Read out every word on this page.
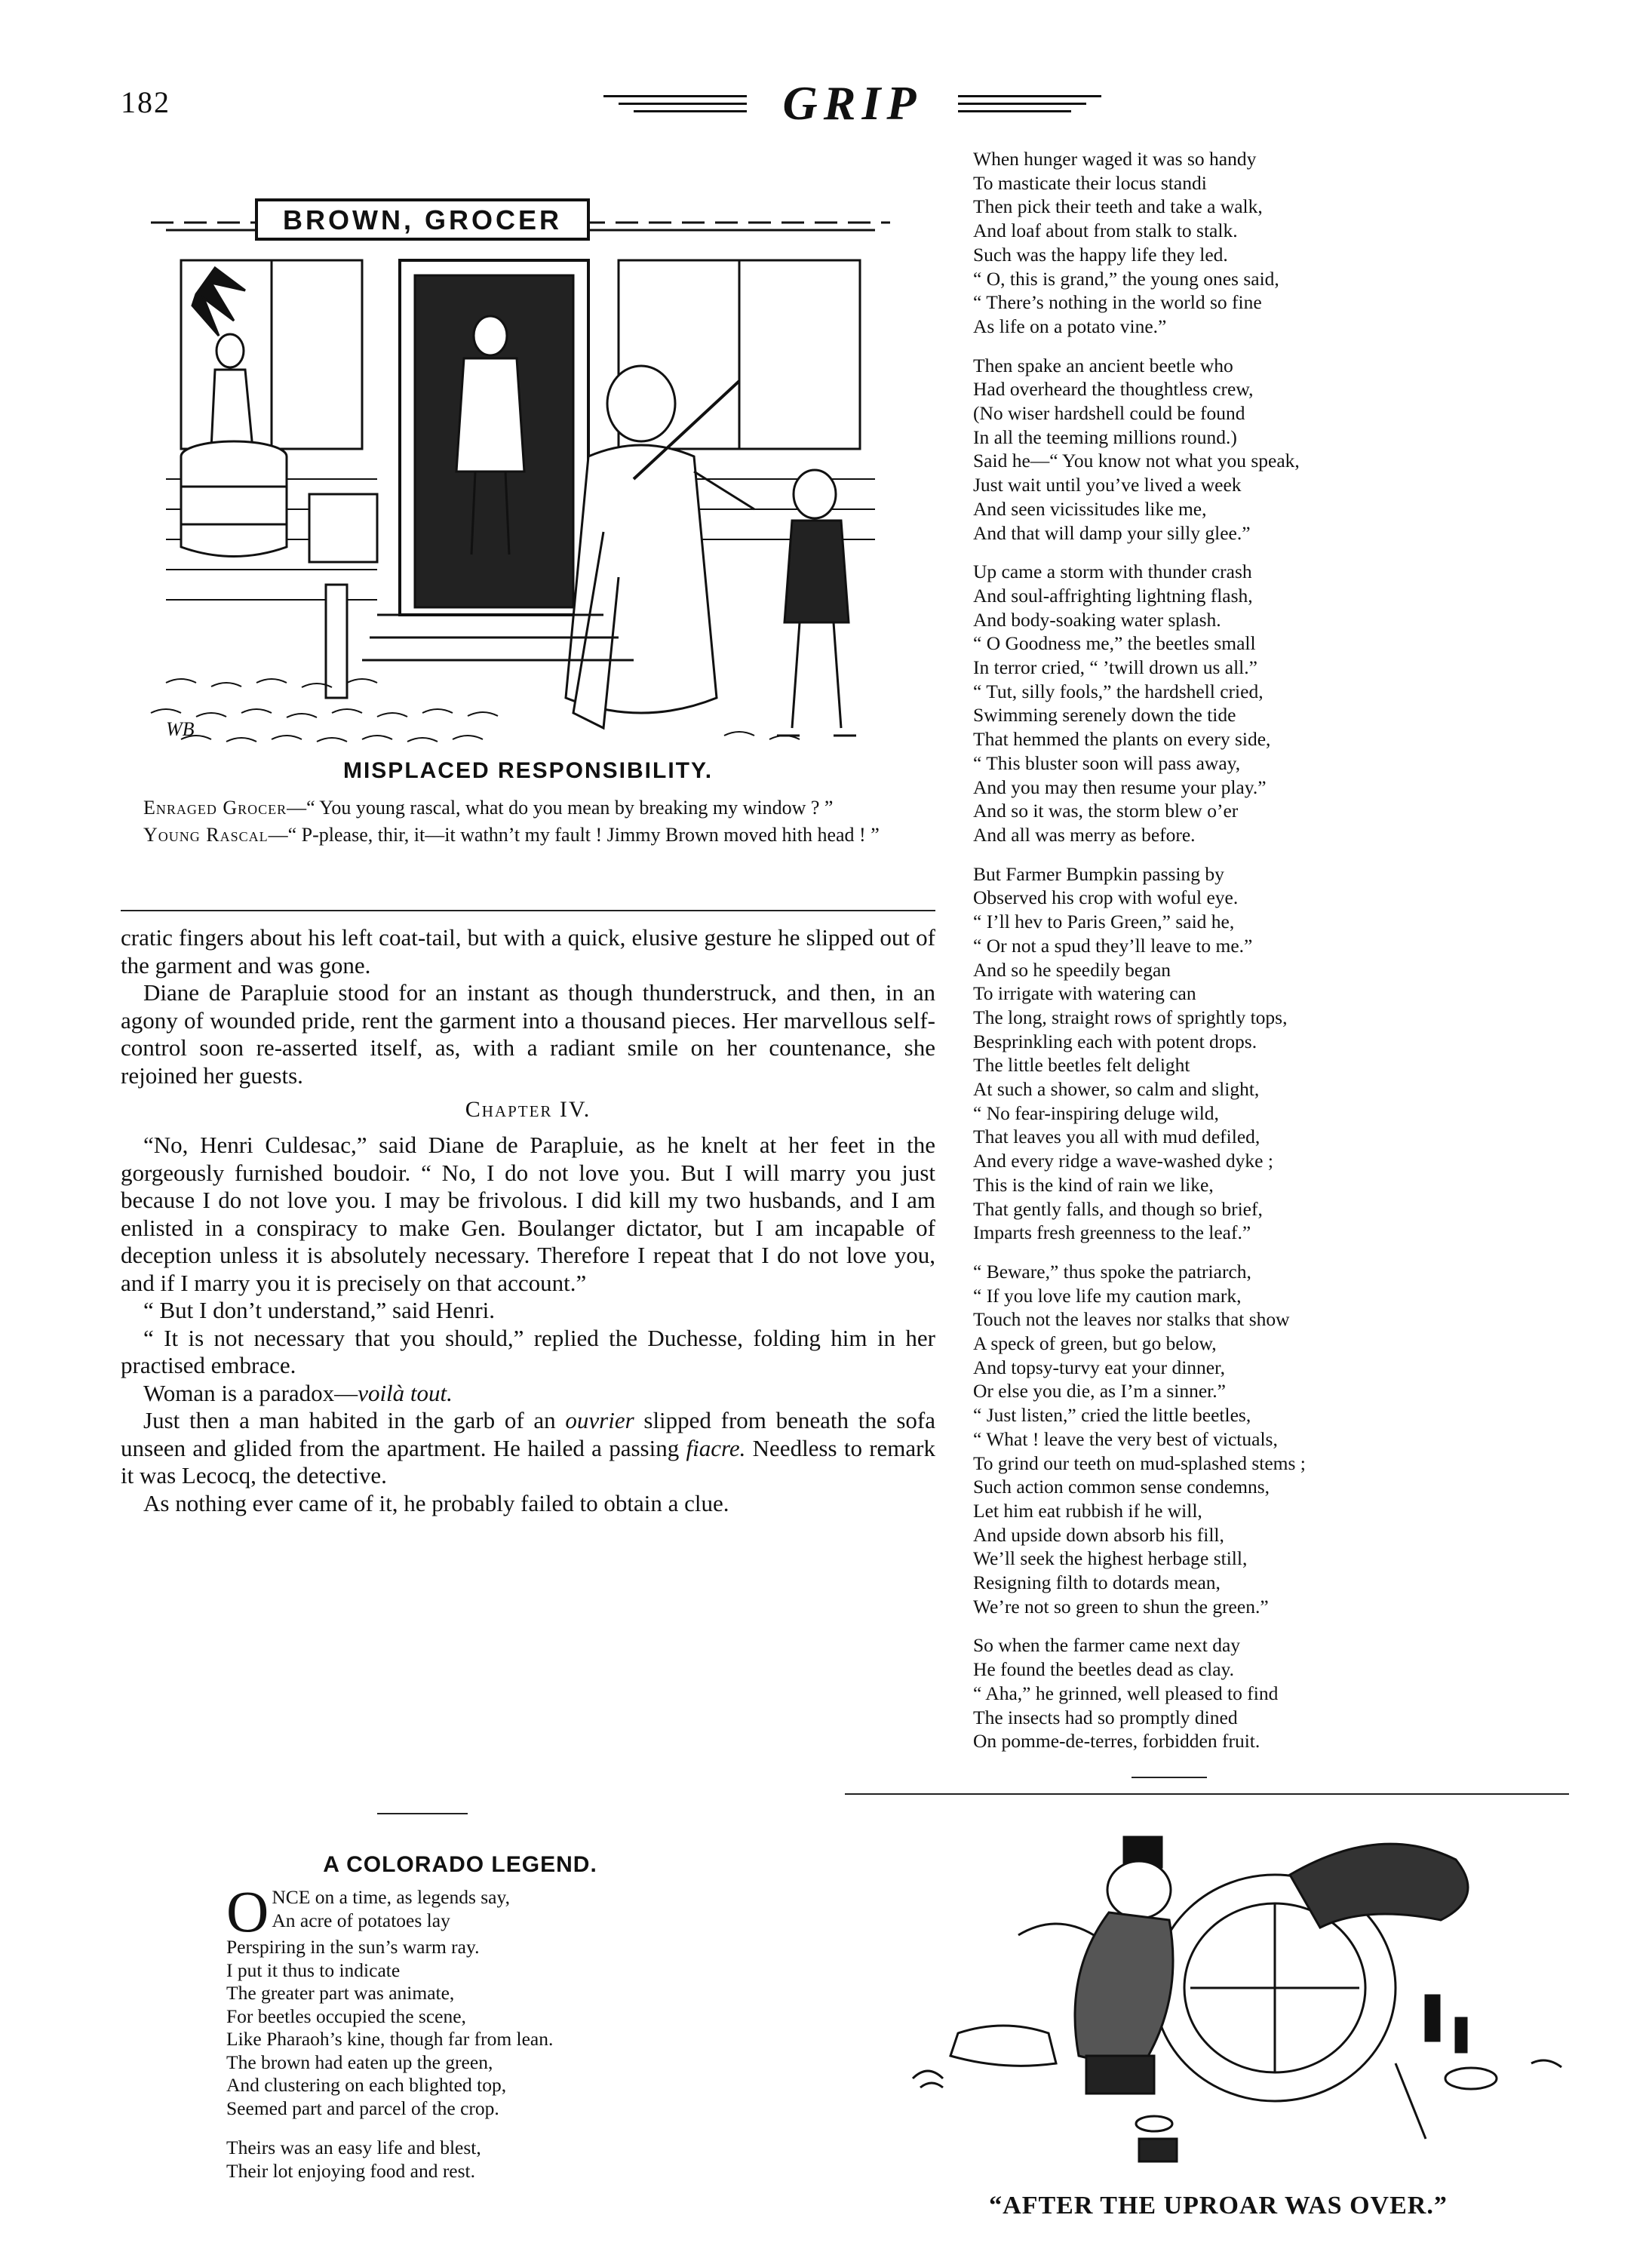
182	GRIP
BROWN, GROCER
WB
MISPLACED RESPONSIBILITY.
Enraged Grocer—“ You young rascal, what do you mean by breaking my window ? ”
Young Rascal—“ P-please, thir, it—it wathn’t my fault ! Jimmy Brown moved hith head ! ”

cratic fingers about his left coat-tail, but with a quick, elusive gesture he slipped out of the garment and was gone.

Diane de Parapluie stood for an instant as though thunderstruck, and then, in an agony of wounded pride, rent the garment into a thousand pieces. Her marvellous self-control soon re-asserted itself, as, with a radiant smile on her countenance, she rejoined her guests.

Chapter IV.

“No, Henri Culdesac,” said Diane de Parapluie, as he knelt at her feet in the gorgeously furnished boudoir. “ No, I do not love you. But I will marry you just because I do not love you. I may be frivolous. I did kill my two husbands, and I am enlisted in a conspiracy to make Gen. Boulanger dictator, but I am incapable of deception unless it is absolutely necessary. Therefore I repeat that I do not love you, and if I marry you it is precisely on that account.”

“ But I don’t understand,” said Henri.

“ It is not necessary that you should,” replied the Duchesse, folding him in her practised embrace.

Woman is a paradox—voilà tout.

Just then a man habited in the garb of an ouvrier slipped from beneath the sofa unseen and glided from the apartment. He hailed a passing fiacre. Needless to remark it was Lecocq, the detective.

As nothing ever came of it, he probably failed to obtain a clue.

A COLORADO LEGEND.
O NCE on a time, as legends say,
An acre of potatoes lay
Perspiring in the sun’s warm ray.
I put it thus to indicate
The greater part was animate,
For beetles occupied the scene,
Like Pharaoh’s kine, though far from lean.
The brown had eaten up the green,
And clustering on each blighted top,
Seemed part and parcel of the crop.
Theirs was an easy life and blest,
Their lot enjoying food and rest.
When hunger waged it was so handy
To masticate their locus standi
Then pick their teeth and take a walk,
And loaf about from stalk to stalk.
Such was the happy life they led.
“ O, this is grand,” the young ones said,
“ There’s nothing in the world so fine
As life on a potato vine.”
Then spake an ancient beetle who
Had overheard the thoughtless crew,
(No wiser hardshell could be found
In all the teeming millions round.)
Said he—“ You know not what you speak,
Just wait until you’ve lived a week
And seen vicissitudes like me,
And that will damp your silly glee.”
Up came a storm with thunder crash
And soul-affrighting lightning flash,
And body-soaking water splash.
“ O Goodness me,” the beetles small
In terror cried, “ ’twill drown us all.”
“ Tut, silly fools,” the hardshell cried,
Swimming serenely down the tide
That hemmed the plants on every side,
“ This bluster soon will pass away,
And you may then resume your play.”
And so it was, the storm blew o’er
And all was merry as before.
But Farmer Bumpkin passing by
Observed his crop with woful eye.
“ I’ll hev to Paris Green,” said he,
“ Or not a spud they’ll leave to me.”
And so he speedily began
To irrigate with watering can
The long, straight rows of sprightly tops,
Besprinkling each with potent drops.
The little beetles felt delight
At such a shower, so calm and slight,
“ No fear-inspiring deluge wild,
That leaves you all with mud defiled,
And every ridge a wave-washed dyke ;
This is the kind of rain we like,
That gently falls, and though so brief,
Imparts fresh greenness to the leaf.”
“ Beware,” thus spoke the patriarch,
“ If you love life my caution mark,
Touch not the leaves nor stalks that show
A speck of green, but go below,
And topsy-turvy eat your dinner,
Or else you die, as I’m a sinner.”
“ Just listen,” cried the little beetles,
“ What ! leave the very best of victuals,
To grind our teeth on mud-splashed stems ;
Such action common sense condemns,
Let him eat rubbish if he will,
And upside down absorb his fill,
We’ll seek the highest herbage still,
Resigning filth to dotards mean,
We’re not so green to shun the green.”
So when the farmer came next day
He found the beetles dead as clay.
“ Aha,” he grinned, well pleased to find
The insects had so promptly dined
On pomme-de-terres, forbidden fruit.
“AFTER THE UPROAR WAS OVER.”
